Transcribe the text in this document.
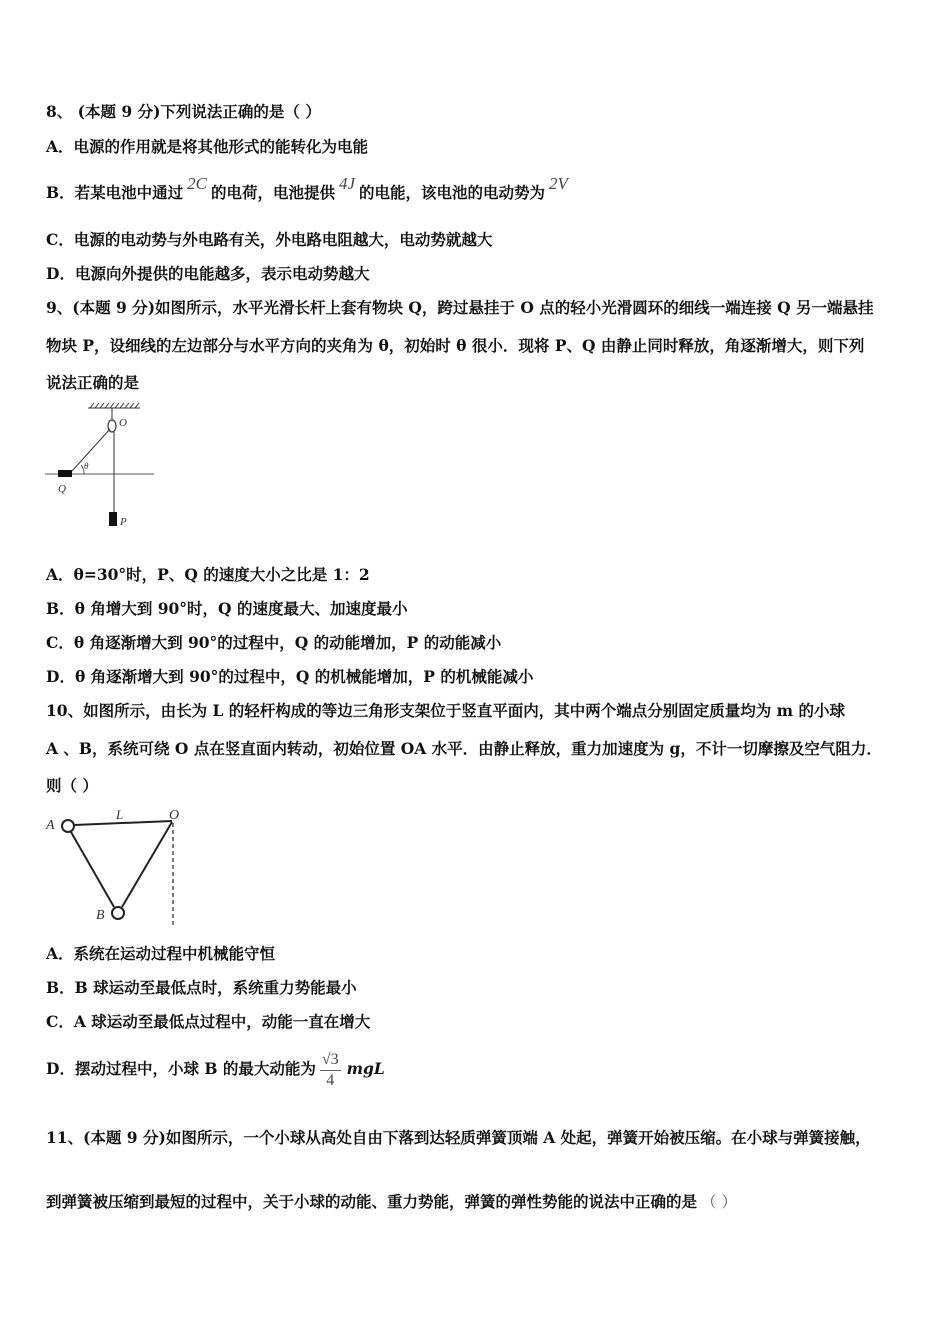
8、 (本题 9 分)下列说法正确的是（ ）
A．电源的作用就是将其他形式的能转化为电能
B．若某电池中通过 2C 的电荷，电池提供 4J 的电能，该电池的电动势为 2V
C．电源的电动势与外电路有关，外电路电阻越大，电动势就越大
D．电源向外提供的电能越多，表示电动势越大
9、(本题 9 分)如图所示，水平光滑长杆上套有物块 Q，跨过悬挂于 O 点的轻小光滑圆环的细线一端连接 Q 另一端悬挂
物块 P，设细线的左边部分与水平方向的夹角为 θ，初始时 θ 很小．现将 P、Q 由静止同时释放，角逐渐增大，则下列
说法正确的是
O
θ
Q
P
A．θ=30°时，P、Q 的速度大小之比是 1：2
B．θ 角增大到 90°时，Q 的速度最大、加速度最小
C．θ 角逐渐增大到 90°的过程中，Q 的动能增加，P 的动能减小
D．θ 角逐渐增大到 90°的过程中，Q 的机械能增加，P 的机械能减小
10、如图所示，由长为 L 的轻杆构成的等边三角形支架位于竖直平面内，其中两个端点分别固定质量均为 m 的小球
A 、B，系统可绕 O 点在竖直面内转动，初始位置 OA 水平．由静止释放，重力加速度为 g，不计一切摩擦及空气阻力．
则（ ）
A
L	O
B
A．系统在运动过程中机械能守恒
B．B 球运动至最低点时，系统重力势能最小
C．A 球运动至最低点过程中，动能一直在增大
D．摆动过程中，小球 B 的最大动能为 $\frac{√3}{4}$ mgL
11、(本题 9 分)如图所示，一个小球从高处自由下落到达轻质弹簧顶端 A 处起，弹簧开始被压缩。在小球与弹簧接触，
到弹簧被压缩到最短的过程中，关于小球的动能、重力势能，弹簧的弹性势能的说法中正确的是 （ ）
